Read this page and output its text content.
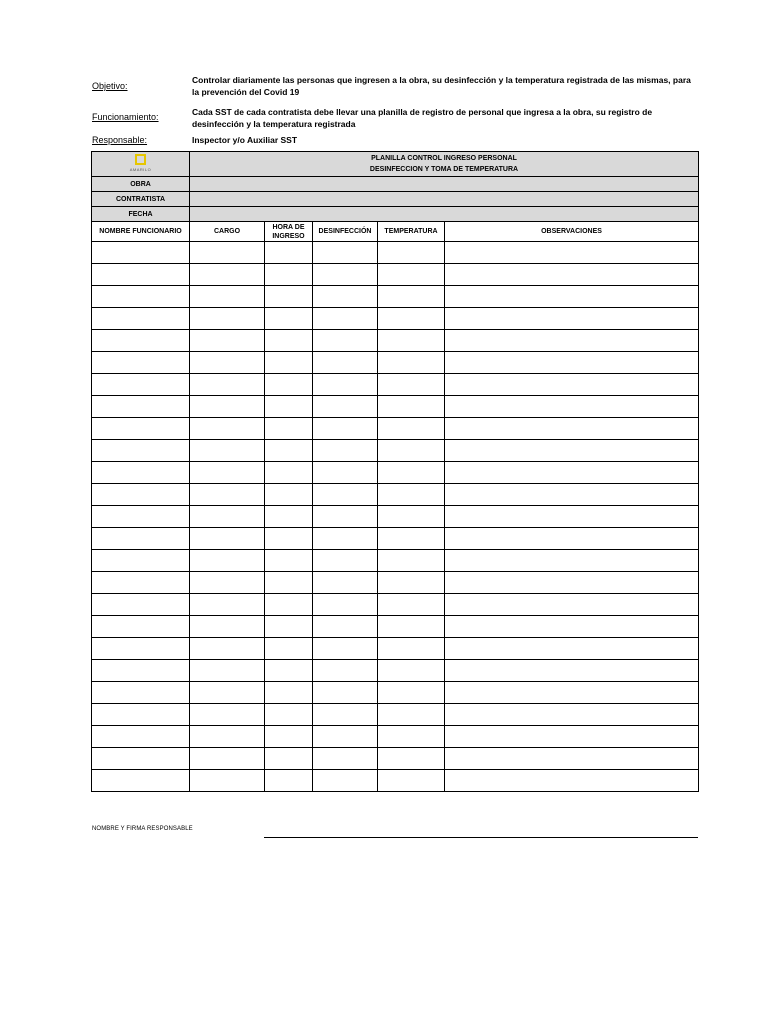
Objetivo:
Controlar diariamente las personas que ingresen a la obra, su desinfección y la temperatura registrada de las mismas, para la prevención del Covid 19
Funcionamiento:	Cada SST de cada contratista debe llevar una planilla de registro de personal que ingresa a la obra, su registro de desinfección y la temperatura registrada
Responsable:	Inspector y/o Auxiliar SST
AMARILO	PLANILLA CONTROL INGRESO PERSONAL
DESINFECCION Y TOMA DE TEMPERATURA				

OBRA					
CONTRATISTA					
FECHA					
NOMBRE FUNCIONARIO	CARGO	HORA DE INGRESO	DESINFECCIÓN	TEMPERATURA	OBSERVACIONES

NOMBRE Y FIRMA RESPONSABLE
